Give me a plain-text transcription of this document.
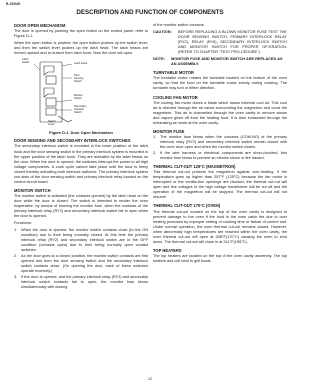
R-930UK
DESCRIPTION AND FUNCTION OF COMPONENTS
DOOR OPEN MECHANISM

The door is opened by pushing the open button on the control panel, refer to Figure D-1.

When the open button is pushed, the open button pushes up the switch lever, and then the switch lever pushes up the latch head. The latch heads are moved upward and re-leased from latch hook. Now the door will open.

Latch
Heads	Latch Hook
Door
Sensing
Switch
Monitor
Switch
Secondary
Interlock
Switch
Switch
Lever
Figure D-1. Door Open Mechanism
DOOR SENSING AND SECONDARY INTERLOCK SWITCHES

The secondary interlock switch is mounted in the lower position of the latch hook and the door sensing switch in the primary interlock system is mounted in the upper position of the latch hook. They are activated by the latch heads on the door. When the door is opened, the switches interrupt the power to all high voltage components. A cook cycle cannot take place until the door is firmly closed thereby activating both interlock switches. The primary interlock system con-sists of the door sensing switch and primary interlock relay located on the control circuit board.

MONITOR SWITCH

The monitor switch is activated (the contacts opened) by the latch head on the door while the door is closed. The switch is intended to render the oven inoperative, by means of blowing the monitor fuse, when the contacts of the primary interlock relay (RY2) and secondary interlock switch fail to open when the door is opened.

Functions:

1. When the door is opened, the monitor switch contacts close (to the ON condition) due to their being normally closed. At this time the primary interlock relay (RY2) and secondary interlock switch are in the OFF condition (contacts open) due to their being normally open contact switches.
2. As the door goes to a closed position, the monitor switch contacts are first opened and then the door sensing switch and the secondary interlock switch contacts close. (On opening the door, each of these switches operate inversely.)
3. If the door is opened, and the primary interlock relay (RY2) and secondary interlock switch contacts fail to open, the monitor fuse blows simultaneously with closing

of the monitor switch contacts.

CAUTION: BEFORE REPLACING A BLOWN MONITOR FUSE TEST THE DOOR SENSING SWITCH, PRIMARY INTERLOCK RELAY (RY2), RELAY (RY6), SECONDARY INTERLOCK SWITCH AND MONITOR SWITCH FOR PROPER OP-ERATION. (REFER TO CHAPTER "TEST PRO-CEDURE").
NOTE: MONITOR FUSE AND MONITOR SWITCH ARE REPLACED AS AN ASSEMBLY.
TURNTABLE MOTOR

The turntable motor rotates the turntable located on the bottom of the oven cavity, so that the food on the turntable cooks evenly during cooking. The turntable may turn in either direction.

COOLING FAN MOTOR

The cooling fan motor drives a blade which draws external cool air. This cool air is directed through the air vanes surrounding the magnetron and cools the magnetron. This air is channelled through the oven cavity to remove steam and vapors given off from the heating food. It is then exhausted through the exhausting air vents at the oven cavity.

MONITOR FUSE
1. The monitor fuse blows when the contacts (COM-NO) of the primary interlock relay (RY2) and secondary interlock switch remain closed with the oven door open and when the monitor switch closes.
2. If the wire harness or electrical components are short-circuited, this monitor fuse blows to prevent an electric shock or fire hazard.
THERMAL CUT-OUT 125°C (MAGNETRON)

This thermal cut-out protects the magnetron against over-heating. If the temperature goes up higher than 257°F (125°C) because the fan motor is interrupted or the ventila-tion openings are blocked, the thermal cut-out will open and line voltages to the high voltage transformer will be cut off and the operation of the magnetron will be stopped. The thermal cut-out will not resume.

THERMAL CUT-OUT 170°C (OVEN)

The thermal cut-out located on the top of the oven cavity is designed to prevent damage to the oven if the food in the oven catch fire due to over heating produced by improper setting of cooking time or failure of control unit. Under normal operation, the oven thermal cut-out remains closed. However, when abnormally high temperatures are reached within the oven cavity, the oven thermal cut-out will open at 338°F(170°C) causing the oven to shut down. The thermal cut-out will close in at 311°F(155°C).

TOP HEATERS

The top heaters are located on the top of the oven cavity assembly. The top heaters and coil heat to grill foods.

12
